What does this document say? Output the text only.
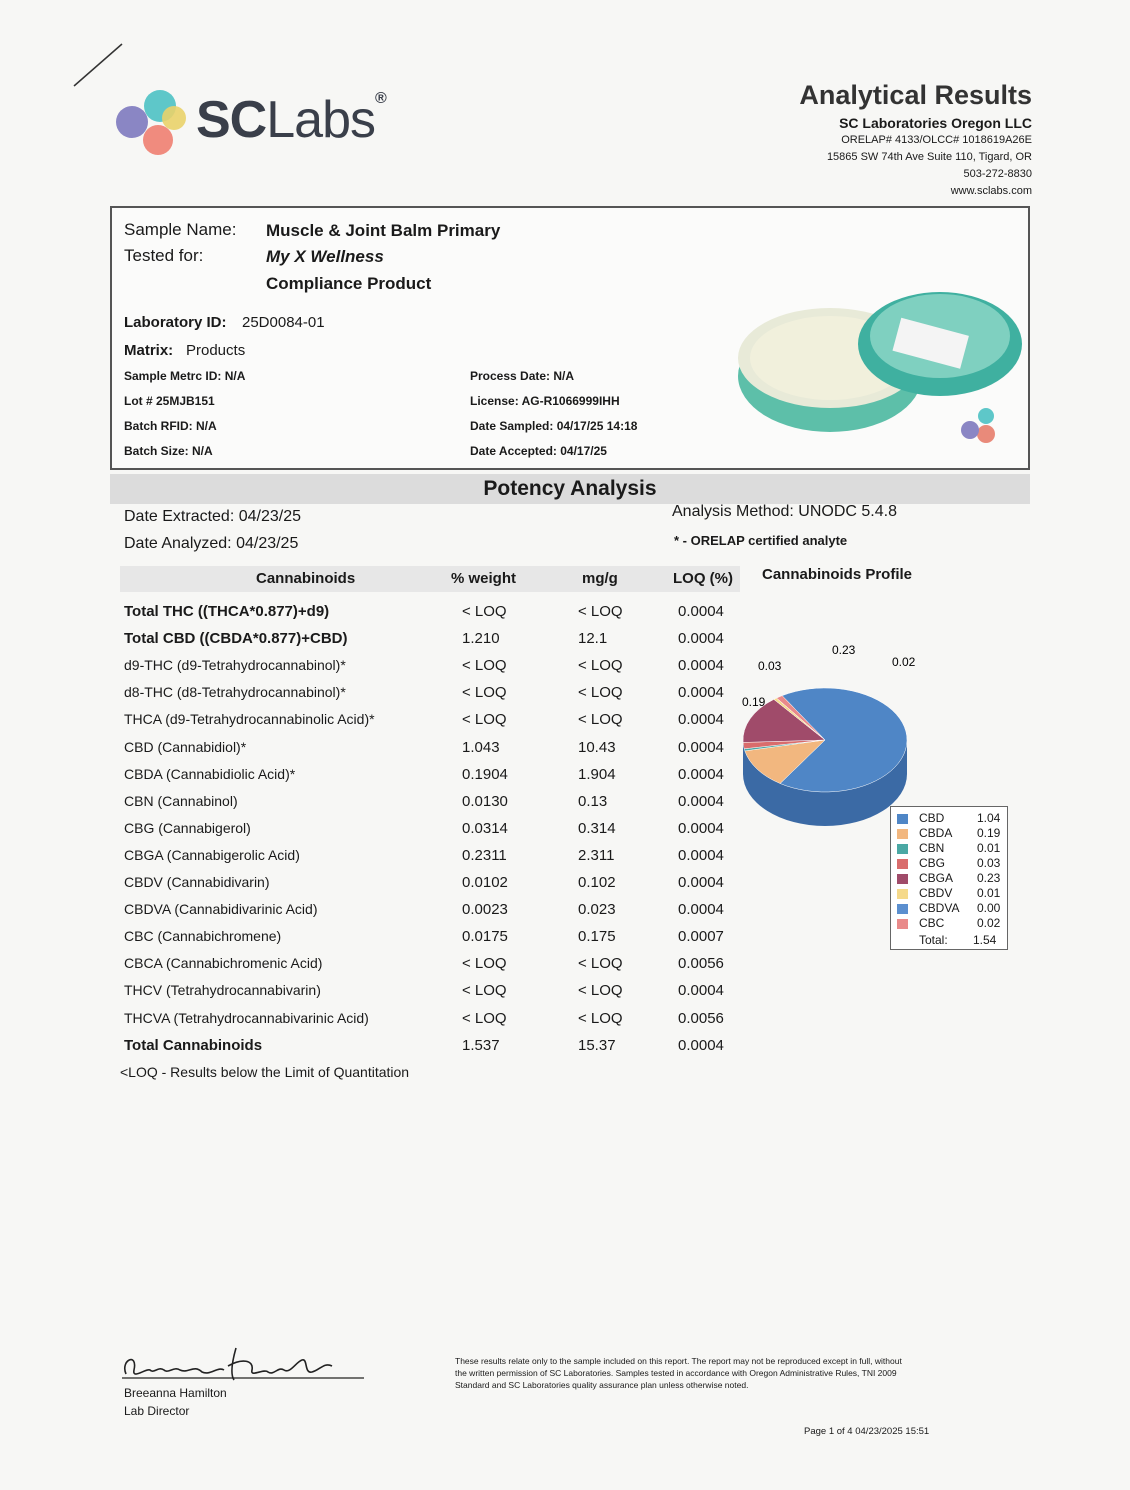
SCLabs®	Analytical Results
SC Laboratories Oregon LLC
ORELAP# 4133/OLCC# 1018619A26E
15865 SW 74th Ave Suite 110, Tigard, OR
503-272-8830
www.sclabs.com
Sample Name: Muscle & Joint Balm Primary
Tested for:	My X Wellness
Compliance Product
Laboratory ID: 25D0084-01
Matrix: Products
Sample Metrc ID: N/A
Lot # 25MJB151
Batch RFID: N/A
Batch Size: N/A
Process Date: N/A
License: AG-R1066999IHH
Date Sampled: 04/17/25 14:18
Date Accepted: 04/17/25
Potency Analysis
Date Extracted: 04/23/25
Date Analyzed: 04/23/25
Analysis Method: UNODC 5.4.8
* - ORELAP certified analyte
Cannabinoids	% weight	mg/g	LOQ (%) Cannabinoids Profile
Total THC ((THCA*0.877)+d9)	< LOQ	< LOQ	0.0004
Total CBD ((CBDA*0.877)+CBD)	1.210	12.1	0.0004
d9-THC (d9-Tetrahydrocannabinol)*	< LOQ	< LOQ	0.0004
d8-THC (d8-Tetrahydrocannabinol)*	< LOQ	< LOQ	0.0004
THCA (d9-Tetrahydrocannabinolic Acid)*	< LOQ	< LOQ	0.0004
CBD (Cannabidiol)*	1.043	10.43	0.0004
CBDA (Cannabidiolic Acid)*	0.1904	1.904	0.0004
CBN (Cannabinol)	0.0130	0.13	0.0004
CBG (Cannabigerol)	0.0314	0.314	0.0004
CBGA (Cannabigerolic Acid)	0.2311	2.311	0.0004
CBDV (Cannabidivarin)	0.0102	0.102	0.0004
CBDVA (Cannabidivarinic Acid)	0.0023	0.023	0.0004
CBC (Cannabichromene)	0.0175	0.175	0.0007
CBCA (Cannabichromenic Acid)	< LOQ	< LOQ	0.0056
THCV (Tetrahydrocannabivarin)	< LOQ	< LOQ	0.0004
THCVA (Tetrahydrocannabivarinic Acid)	< LOQ	< LOQ	0.0056
Total Cannabinoids	1.537	15.37	0.0004
<LOQ - Results below the Limit of Quantitation
0.23
0.03	0.02
0.19
CBD	1.04
CBDA 0.19
CBN	0.01
CBG	0.03
CBGA 0.23
CBDV 0.01
CBDVA 0.00
CBC	0.02
Total: 1.54
Breeanna Hamilton
Lab Director
These results relate only to the sample included on this report. The report may not be reproduced except in full, without
the written permission of SC Laboratories. Samples tested in accordance with Oregon Administrative Rules, TNI 2009
Standard and SC Laboratories quality assurance plan unless otherwise noted.
Page 1 of 4 04/23/2025 15:51
